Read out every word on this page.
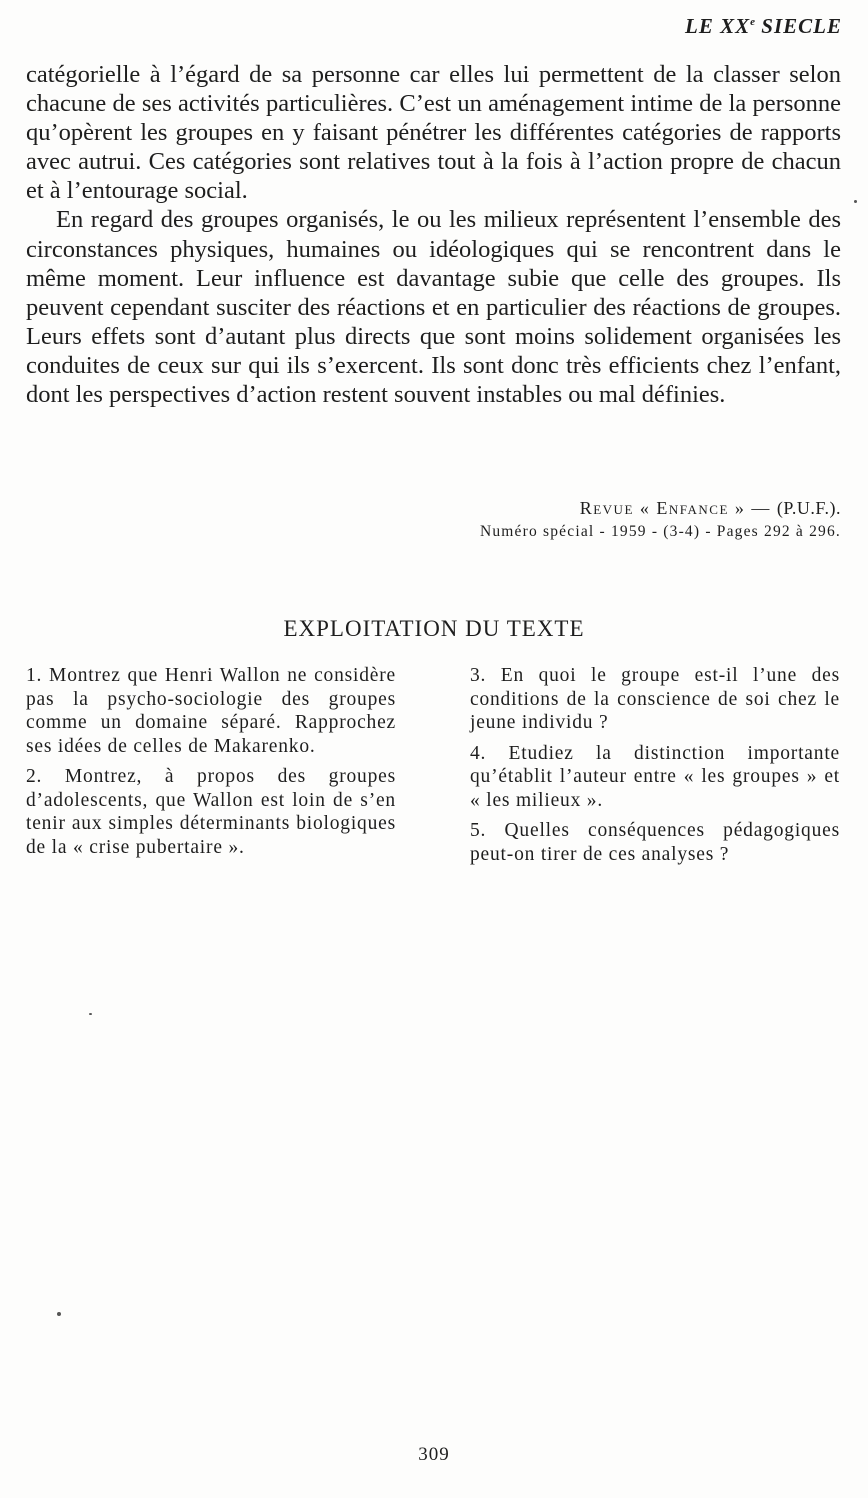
LE XXe SIECLE

catégorielle à l’égard de sa personne car elles lui permettent de la classer selon chacune de ses activités particulières. C’est un aménagement intime de la personne qu’opèrent les groupes en y faisant pénétrer les différentes catégories de rapports avec autrui. Ces catégories sont relatives tout à la fois à l’action propre de chacun et à l’entourage social.

En regard des groupes organisés, le ou les milieux représentent l’ensemble des circonstances physiques, humaines ou idéologiques qui se rencontrent dans le même moment. Leur influence est davantage subie que celle des groupes. Ils peuvent cependant susciter des réactions et en particulier des réactions de groupes. Leurs effets sont d’autant plus directs que sont moins solidement organisées les conduites de ceux sur qui ils s’exercent. Ils sont donc très efficients chez l’enfant, dont les perspectives d’action restent souvent instables ou mal définies.

Revue « Enfance » — (P.U.F.).
Numéro spécial - 1959 - (3-4) - Pages 292 à 296.
EXPLOITATION DU TEXTE

1. Montrez que Henri Wallon ne considère pas la psycho-sociologie des groupes comme un domaine séparé. Rapprochez ses idées de celles de Makarenko.

2. Montrez, à propos des groupes d’adolescents, que Wallon est loin de s’en tenir aux simples déterminants biologiques de la « crise pubertaire ».

3. En quoi le groupe est-il l’une des conditions de la conscience de soi chez le jeune individu ?

4. Etudiez la distinction importante qu’établit l’auteur entre « les groupes » et « les milieux ».

5. Quelles conséquences pédagogiques peut-on tirer de ces analyses ?

309
